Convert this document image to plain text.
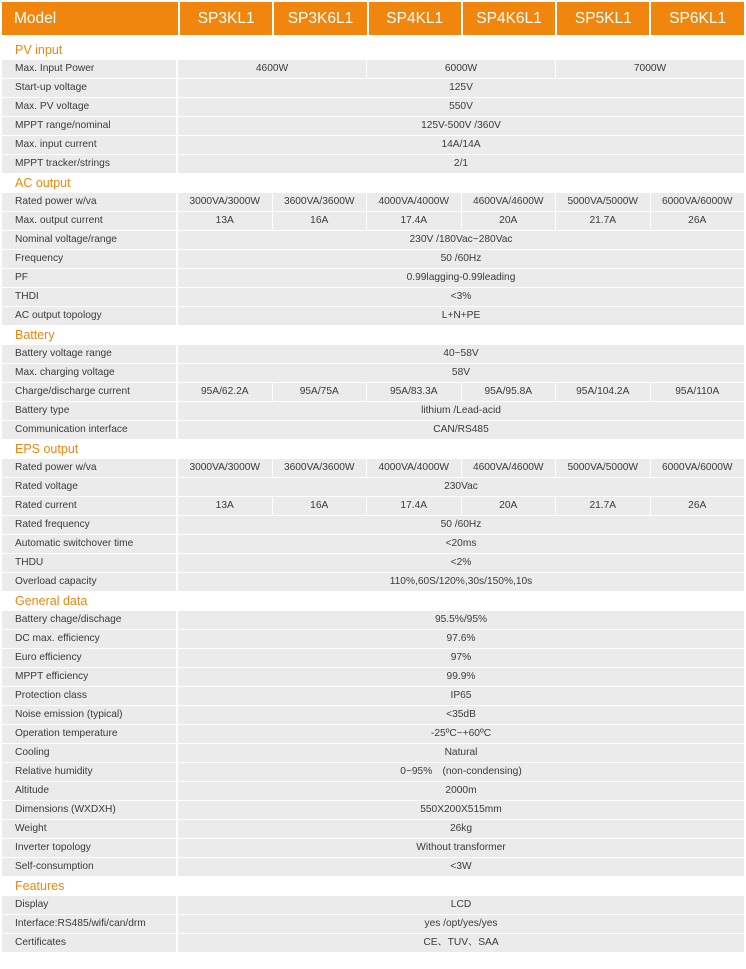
Model	SP3KL1	SP3K6L1	SP4KL1	SP4K6L1	SP5KL1	SP6KL1
PV input
Max. Input Power	4600W	6000W	7000W
Start-up voltage	125V
Max. PV voltage	550V
MPPT range/nominal	125V-500V /360V
Max. input current	14A/14A
MPPT tracker/strings	2/1
AC output
Rated power w/va	3000VA/3000W	3600VA/3600W	4000VA/4000W	4600VA/4600W	5000VA/5000W	6000VA/6000W
Max. output current	13A	16A	17.4A	20A	21.7A	26A
Nominal voltage/range	230V /180Vac~280Vac
Frequency	50 /60Hz
PF	0.99lagging-0.99leading
THDI	<3%
AC output topology	L+N+PE
Battery
Battery voltage range	40~58V
Max. charging voltage	58V
Charge/discharge current	95A/62.2A	95A/75A	95A/83.3A	95A/95.8A	95A/104.2A	95A/110A
Battery type	lithium /Lead-acid
Communication interface	CAN/RS485
EPS output
Rated power w/va	3000VA/3000W	3600VA/3600W	4000VA/4000W	4600VA/4600W	5000VA/5000W	6000VA/6000W
Rated voltage	230Vac
Rated current	13A	16A	17.4A	20A	21.7A	26A
Rated frequency	50 /60Hz
Automatic switchover time	<20ms
THDU	<2%
Overload capacity	110%,60S/120%,30s/150%,10s
General data
Battery chage/dischage	95.5%/95%
DC max. efficiency	97.6%
Euro efficiency	97%
MPPT efficiency	99.9%
Protection class	IP65
Noise emission (typical)	<35dB
Operation temperature	-25ºC~+60ºC
Cooling	Natural
Relative humidity	0~95%　(non-condensing)
Altitude	2000m
Dimensions (WXDXH)	550X200X515mm
Weight	26kg
Inverter topology	Without transformer
Self-consumption	<3W
Features
Display	LCD
Interface:RS485/wifi/can/drm	yes /opt/yes/yes
Certificates	CE、TUV、SAA
